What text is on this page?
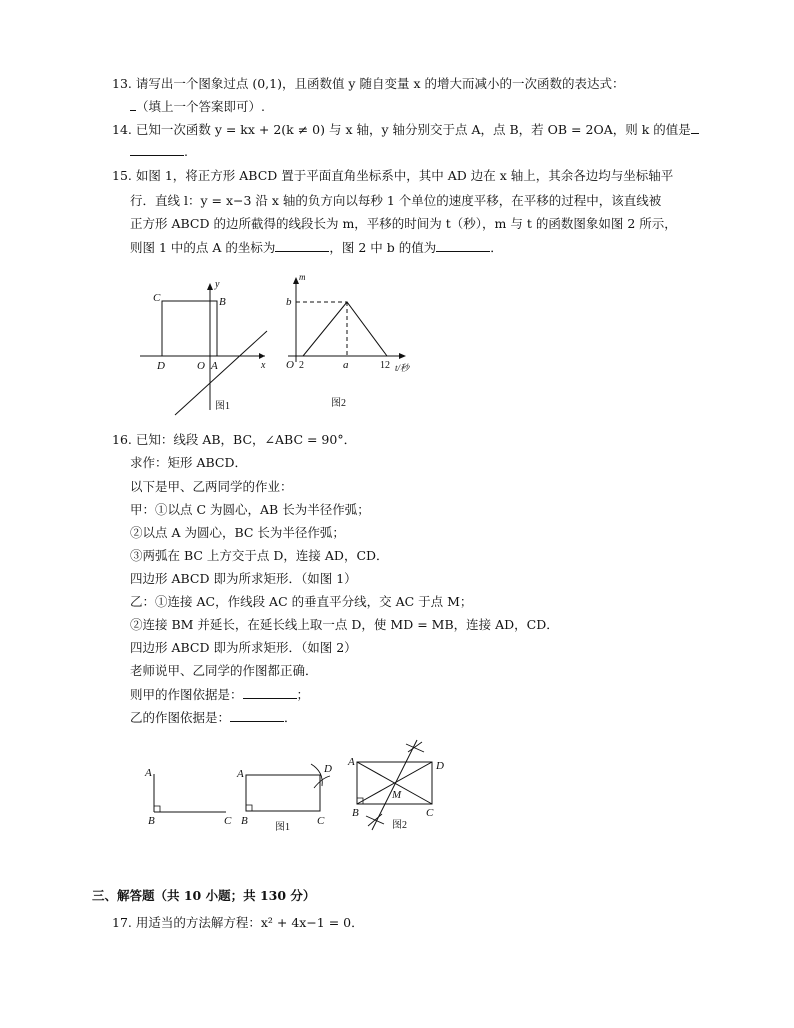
13. 请写出一个图象过点 (0,1)，且函数值 y 随自变量 x 的增大而减小的一次函数的表达式：
（填上一个答案即可）.
14. 已知一次函数 y = kx + 2(k ≠ 0) 与 x 轴，y 轴分别交于点 A，点 B，若 OB = 2OA，则 k 的值是
.
15. 如图 1，将正方形 ABCD 置于平面直角坐标系中，其中 AD 边在 x 轴上，其余各边均与坐标轴平
行．直线 l：y = x−3 沿 x 轴的负方向以每秒 1 个单位的速度平移，在平移的过程中，该直线被
正方形 ABCD 的边所截得的线段长为 m，平移的时间为 t（秒），m 与 t 的函数图象如图 2 所示，
则图 1 中的点 A 的坐标为	，图 2 中 b 的值为	．
C	B
y
D	O A	x
图1
m
b
O 2	a	12 t/秒
图2
16. 已知：线段 AB，BC，∠ABC = 90°．
求作：矩形 ABCD．
以下是甲、乙两同学的作业：
甲：①以点 C 为圆心，AB 长为半径作弧；
②以点 A 为圆心，BC 长为半径作弧；
③两弧在 BC 上方交于点 D，连接 AD，CD．
四边形 ABCD 即为所求矩形．（如图 1）
乙：①连接 AC，作线段 AC 的垂直平分线，交 AC 于点 M；
②连接 BM 并延长，在延长线上取一点 D，使 MD = MB，连接 AD，CD．
四边形 ABCD 即为所求矩形．（如图 2）
老师说甲、乙同学的作图都正确．
则甲的作图依据是：	；
乙的作图依据是：	．
A
B	C
A	D
B	C
图1
A	D
M
B	C
图2
三、解答题（共 10 小题；共 130 分）
17. 用适当的方法解方程：x² + 4x−1 = 0．
